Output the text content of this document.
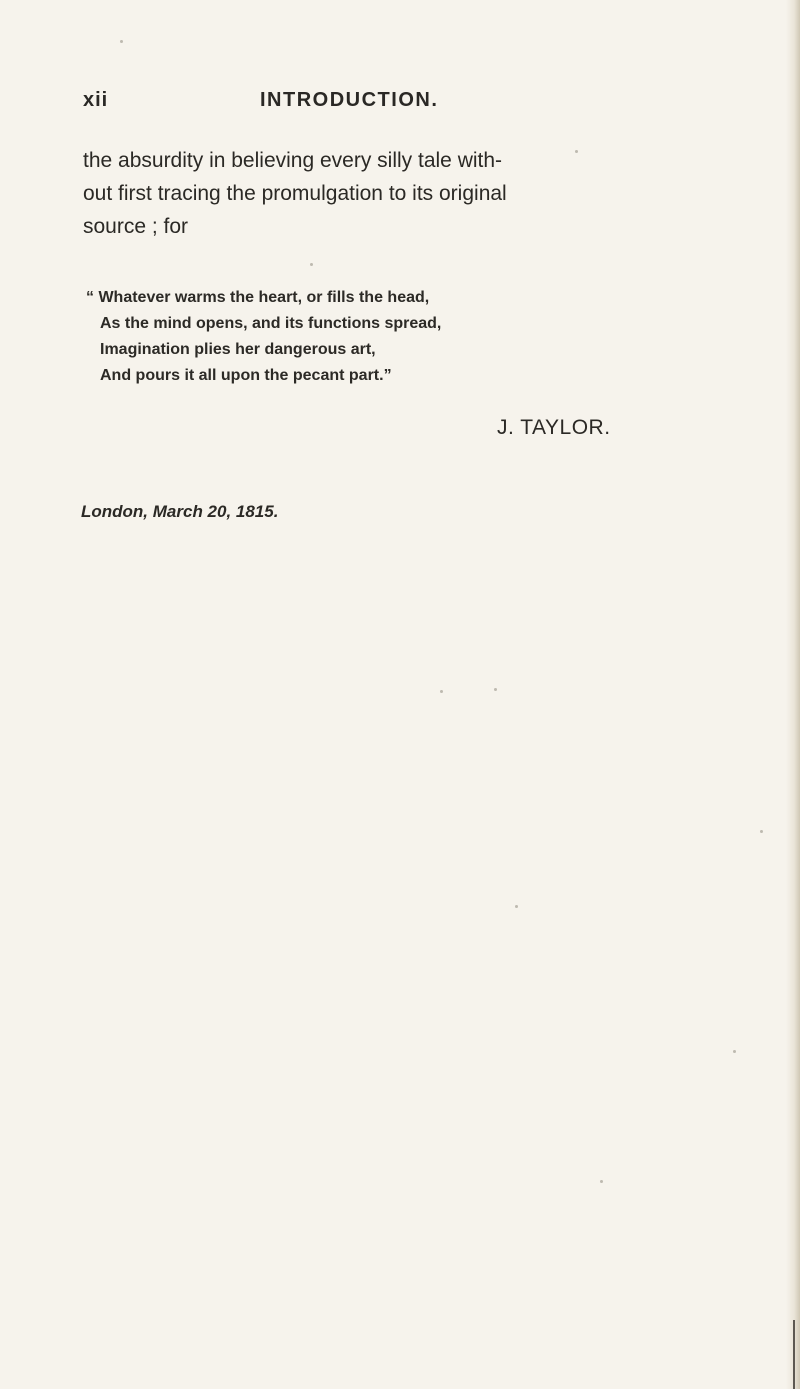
xii	INTRODUCTION.
the absurdity in believing every silly tale with-
out first tracing the promulgation to its original
source ; for
“ Whatever warms the heart, or fills the head,
As the mind opens, and its functions spread,
Imagination plies her dangerous art,
And pours it all upon the pecant part.”
J. TAYLOR.
London, March 20, 1815.
